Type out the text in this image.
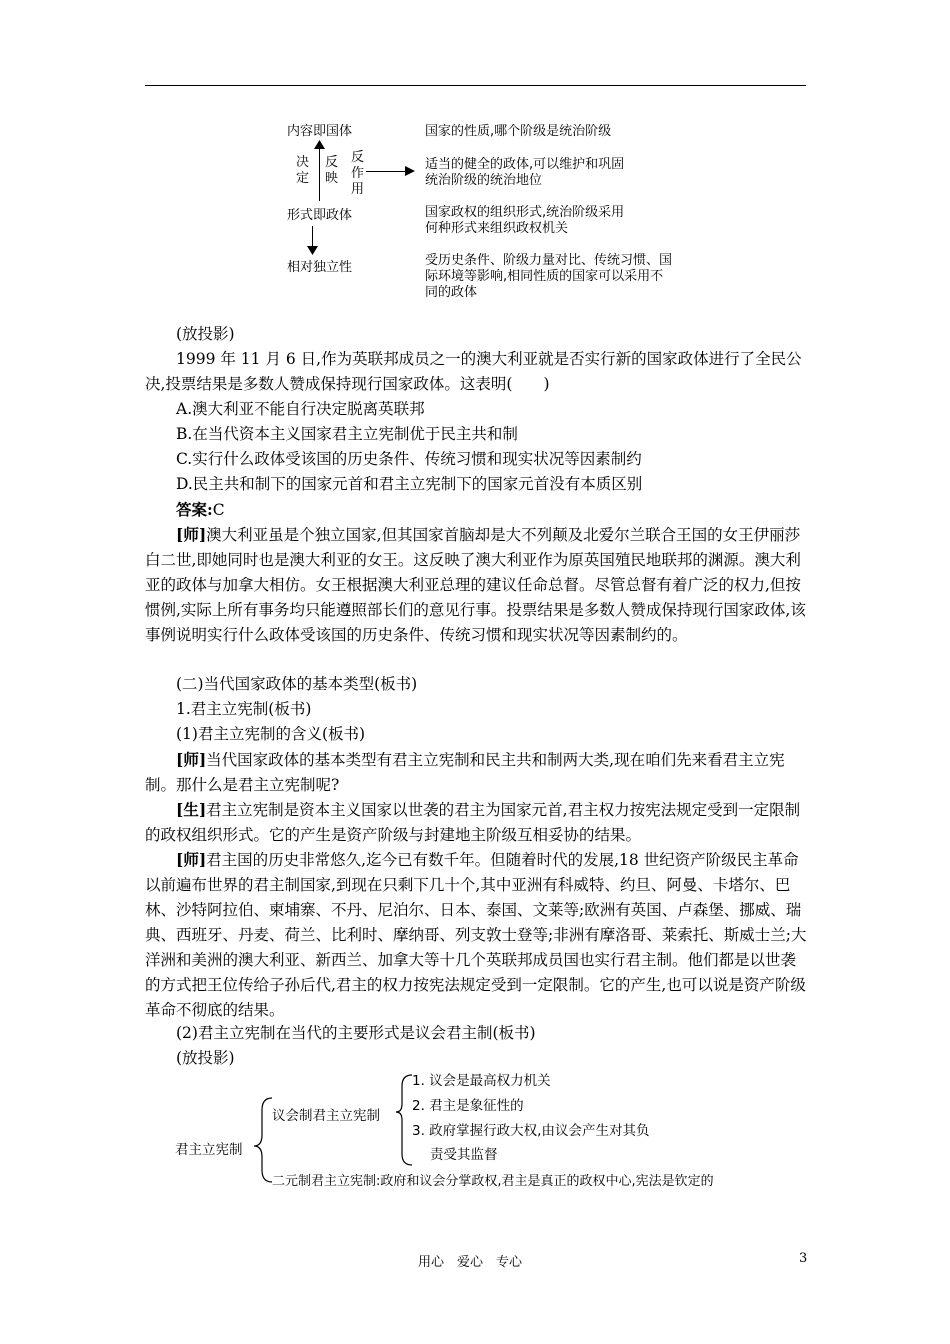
内容即国体
决定
反映
反作用
形式即政体
相对独立性
国家的性质,哪个阶级是统治阶级
适当的健全的政体,可以维护和巩固
统治阶级的统治地位
国家政权的组织形式,统治阶级采用
何种形式来组织政权机关
受历史条件、阶级力量对比、传统习惯、国
际环境等影响,相同性质的国家可以采用不
同的政体
(放投影)
1999 年 11 月 6 日,作为英联邦成员之一的澳大利亚就是否实行新的国家政体进行了全民公决,投票结果是多数人赞成保持现行国家政体。这表明(　　)
A.澳大利亚不能自行决定脱离英联邦
B.在当代资本主义国家君主立宪制优于民主共和制
C.实行什么政体受该国的历史条件、传统习惯和现实状况等因素制约
D.民主共和制下的国家元首和君主立宪制下的国家元首没有本质区别
答案:C
[师]澳大利亚虽是个独立国家,但其国家首脑却是大不列颠及北爱尔兰联合王国的女王伊丽莎白二世,即她同时也是澳大利亚的女王。这反映了澳大利亚作为原英国殖民地联邦的渊源。澳大利亚的政体与加拿大相仿。女王根据澳大利亚总理的建议任命总督。尽管总督有着广泛的权力,但按惯例,实际上所有事务均只能遵照部长们的意见行事。投票结果是多数人赞成保持现行国家政体,该事例说明实行什么政体受该国的历史条件、传统习惯和现实状况等因素制约的。
(二)当代国家政体的基本类型(板书)
1.君主立宪制(板书)
(1)君主立宪制的含义(板书)
[师]当代国家政体的基本类型有君主立宪制和民主共和制两大类,现在咱们先来看君主立宪制。那什么是君主立宪制呢?
[生]君主立宪制是资本主义国家以世袭的君主为国家元首,君主权力按宪法规定受到一定限制的政权组织形式。它的产生是资产阶级与封建地主阶级互相妥协的结果。
[师]君主国的历史非常悠久,迄今已有数千年。但随着时代的发展,18 世纪资产阶级民主革命以前遍布世界的君主制国家,到现在只剩下几十个,其中亚洲有科威特、约旦、阿曼、卡塔尔、巴林、沙特阿拉伯、柬埔寨、不丹、尼泊尔、日本、泰国、文莱等;欧洲有英国、卢森堡、挪威、瑞典、西班牙、丹麦、荷兰、比利时、摩纳哥、列支敦士登等;非洲有摩洛哥、莱索托、斯威士兰;大洋洲和美洲的澳大利亚、新西兰、加拿大等十几个英联邦成员国也实行君主制。他们都是以世袭的方式把王位传给子孙后代,君主的权力按宪法规定受到一定限制。它的产生,也可以说是资产阶级革命不彻底的结果。
(2)君主立宪制在当代的主要形式是议会君主制(板书)
(放投影)
君主立宪制
议会制君主立宪制
1. 议会是最高权力机关
2. 君主是象征性的
3. 政府掌握行政大权,由议会产生对其负
责受其监督
二元制君主立宪制:政府和议会分掌政权,君主是真正的政权中心,宪法是钦定的
用心　爱心　专心	3
